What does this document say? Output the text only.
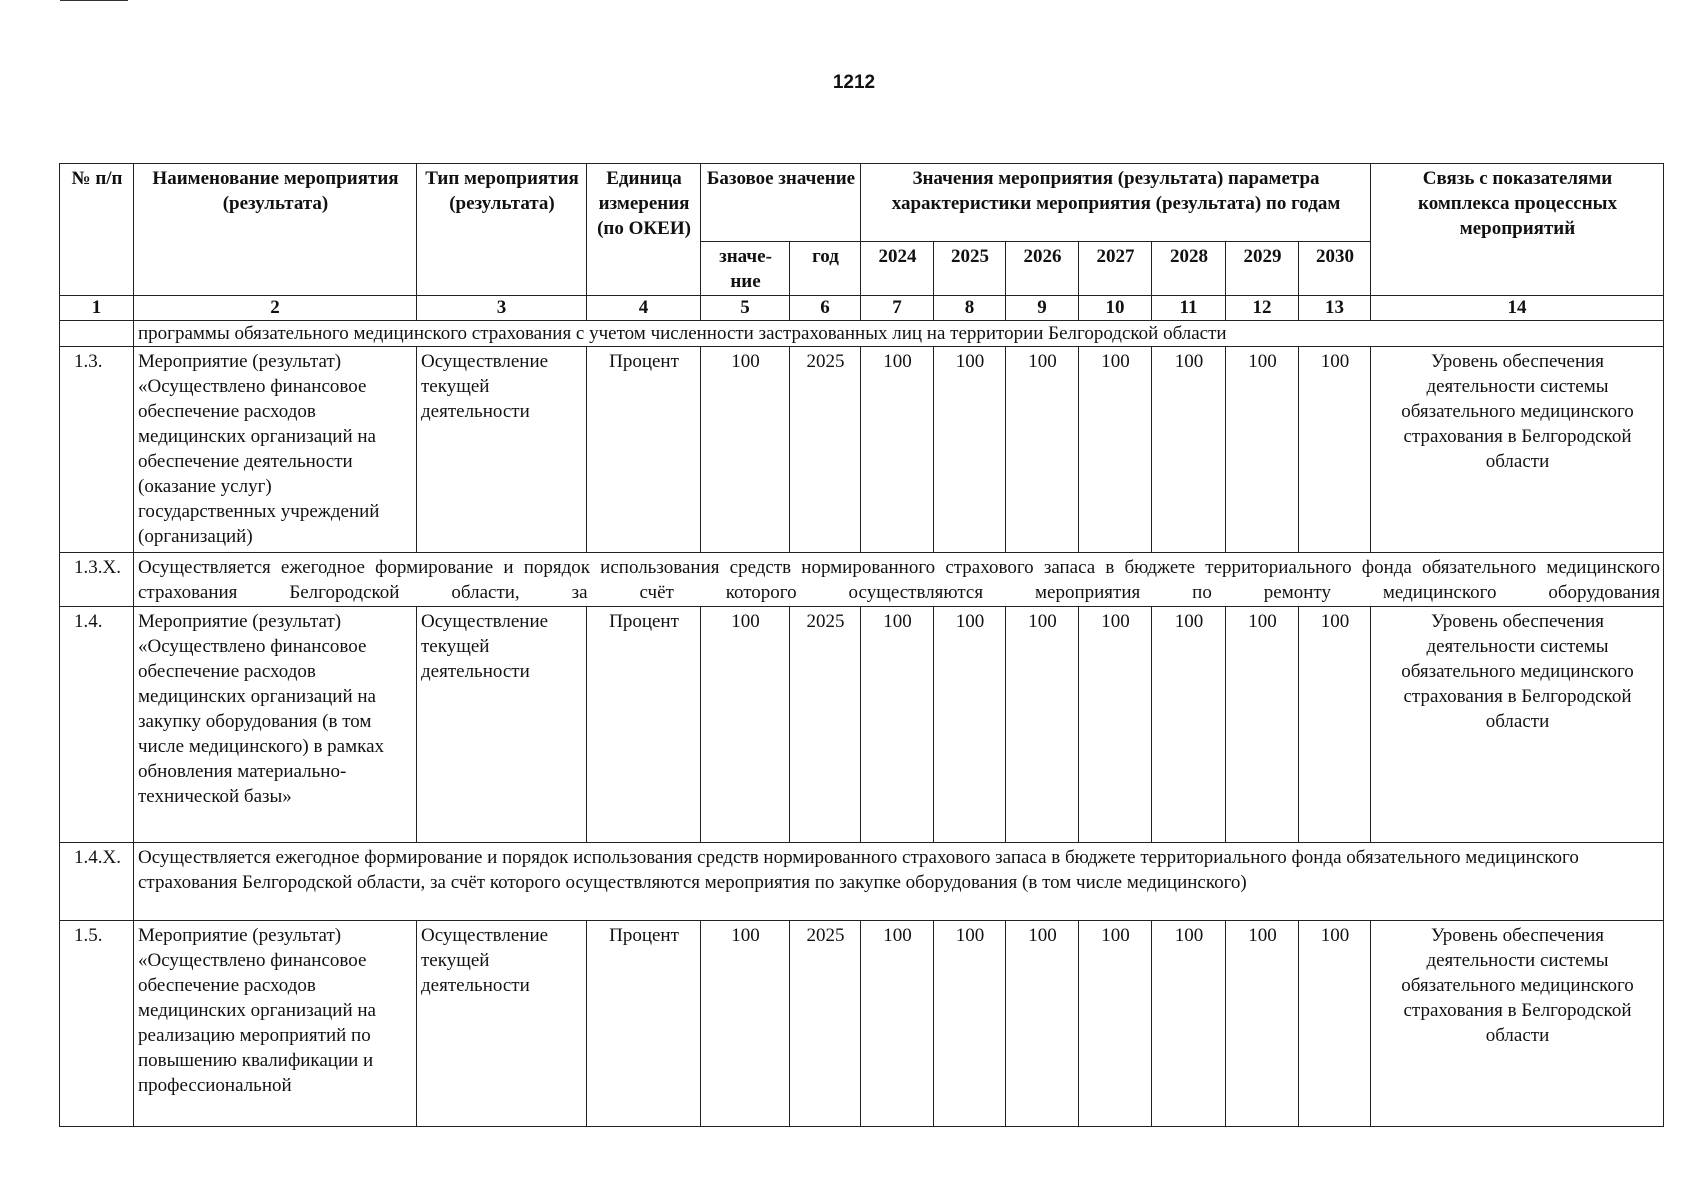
1212
№ п/п	Наименование мероприятия (результата)	Тип мероприятия (результата)	Единица измерения (по ОКЕИ)	Базовое значение		Значения мероприятия (результата) параметра характеристики мероприятия (результата) по годам							Связь с показателями комплекса процессных мероприятий
				значе-ние	год	2024	2025	2026	2027	2028	2029	2030	
1	2	3	4	5	6	7	8	9	10	11	12	13	14
	программы обязательного медицинского страхования с учетом численности застрахованных лиц на территории Белгородской области												
1.3.	Мероприятие (результат) «Осуществлено финансовое обеспечение расходов медицинских организаций на обеспечение деятельности (оказание услуг) государственных учреждений (организаций)	Осуществление текущей деятельности	Процент	100	2025	100	100	100	100	100	100	100	Уровень обеспечения деятельности системы обязательного медицинского страхования в Белгородской области
1.3.Х.	Осуществляется ежегодное формирование и порядок использования средств нормированного страхового запаса в бюджете территориального фонда обязательного медицинского страхования Белгородской области, за счёт которого осуществляются мероприятия по ремонту медицинского оборудования												
1.4.	Мероприятие (результат) «Осуществлено финансовое обеспечение расходов медицинских организаций на закупку оборудования (в том числе медицинского) в рамках обновления материально-технической базы»	Осуществление текущей деятельности	Процент	100	2025	100	100	100	100	100	100	100	Уровень обеспечения деятельности системы обязательного медицинского страхования в Белгородской области
1.4.Х.	Осуществляется ежегодное формирование и порядок использования средств нормированного страхового запаса в бюджете территориального фонда обязательного медицинского страхования Белгородской области, за счёт которого осуществляются мероприятия по закупке оборудования (в том числе медицинского)												
1.5.	Мероприятие (результат) «Осуществлено финансовое обеспечение расходов медицинских организаций на реализацию мероприятий по повышению квалификации и профессиональной	Осуществление текущей деятельности	Процент	100	2025	100	100	100	100	100	100	100	Уровень обеспечения деятельности системы обязательного медицинского страхования в Белгородской области
